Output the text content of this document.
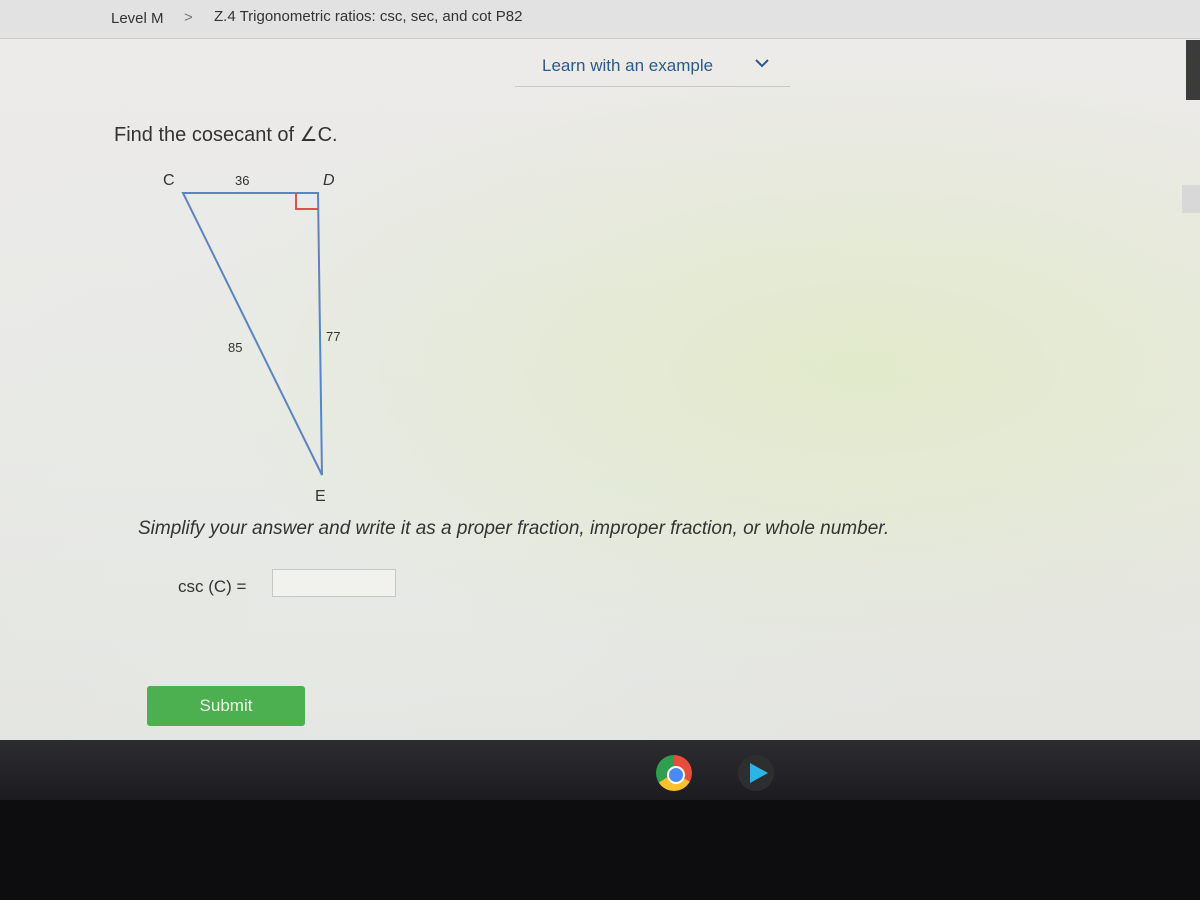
Level M > Z.4 Trigonometric ratios: csc, sec, and cot P82
Learn with an example
Find the cosecant of ∠C.
C	D
E
36
85
77
Simplify your answer and write it as a proper fraction, improper fraction, or whole number.
csc (C) =
Submit
